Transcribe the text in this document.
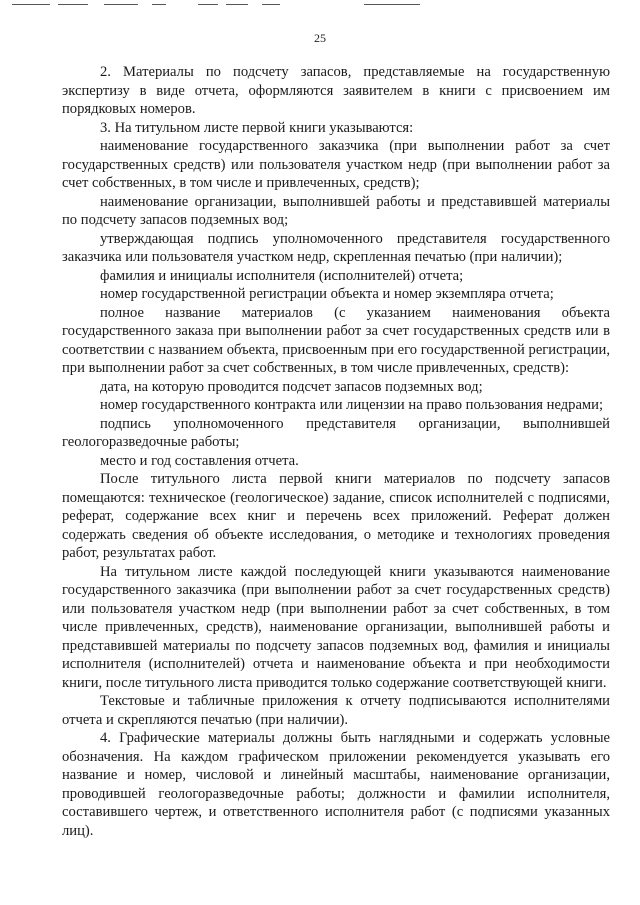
25

2. Материалы по подсчету запасов, представляемые на государственную экспертизу в виде отчета, оформляются заявителем в книги с присвоением им порядковых номеров.

3. На титульном листе первой книги указываются:

наименование государственного заказчика (при выполнении работ за счет государственных средств) или пользователя участком недр (при выполнении работ за счет собственных, в том числе и привлеченных, средств);

наименование организации, выполнившей работы и представившей материалы по подсчету запасов подземных вод;

утверждающая подпись уполномоченного представителя государственного заказчика или пользователя участком недр, скрепленная печатью (при наличии);

фамилия и инициалы исполнителя (исполнителей) отчета;

номер государственной регистрации объекта и номер экземпляра отчета;

полное название материалов (с указанием наименования объекта государственного заказа при выполнении работ за счет государственных средств или в соответствии с названием объекта, присвоенным при его государственной регистрации, при выполнении работ за счет собственных, в том числе привлеченных, средств):

дата, на которую проводится подсчет запасов подземных вод;

номер государственного контракта или лицензии на право пользования недрами;

подпись уполномоченного представителя организации, выполнившей геологоразведочные работы;

место и год составления отчета.

После титульного листа первой книги материалов по подсчету запасов помещаются: техническое (геологическое) задание, список исполнителей с подписями, реферат, содержание всех книг и перечень всех приложений. Реферат должен содержать сведения об объекте исследования, о методике и технологиях проведения работ, результатах работ.

На титульном листе каждой последующей книги указываются наименование государственного заказчика (при выполнении работ за счет государственных средств) или пользователя участком недр (при выполнении работ за счет собственных, в том числе привлеченных, средств), наименование организации, выполнившей работы и представившей материалы по подсчету запасов подземных вод, фамилия и инициалы исполнителя (исполнителей) отчета и наименование объекта и при необходимости книги, после титульного листа приводится только содержание соответствующей книги.

Текстовые и табличные приложения к отчету подписываются исполнителями отчета и скрепляются печатью (при наличии).

4. Графические материалы должны быть наглядными и содержать условные обозначения. На каждом графическом приложении рекомендуется указывать его название и номер, числовой и линейный масштабы, наименование организации, проводившей геологоразведочные работы; должности и фамилии исполнителя, составившего чертеж, и ответственного исполнителя работ (с подписями указанных лиц).
